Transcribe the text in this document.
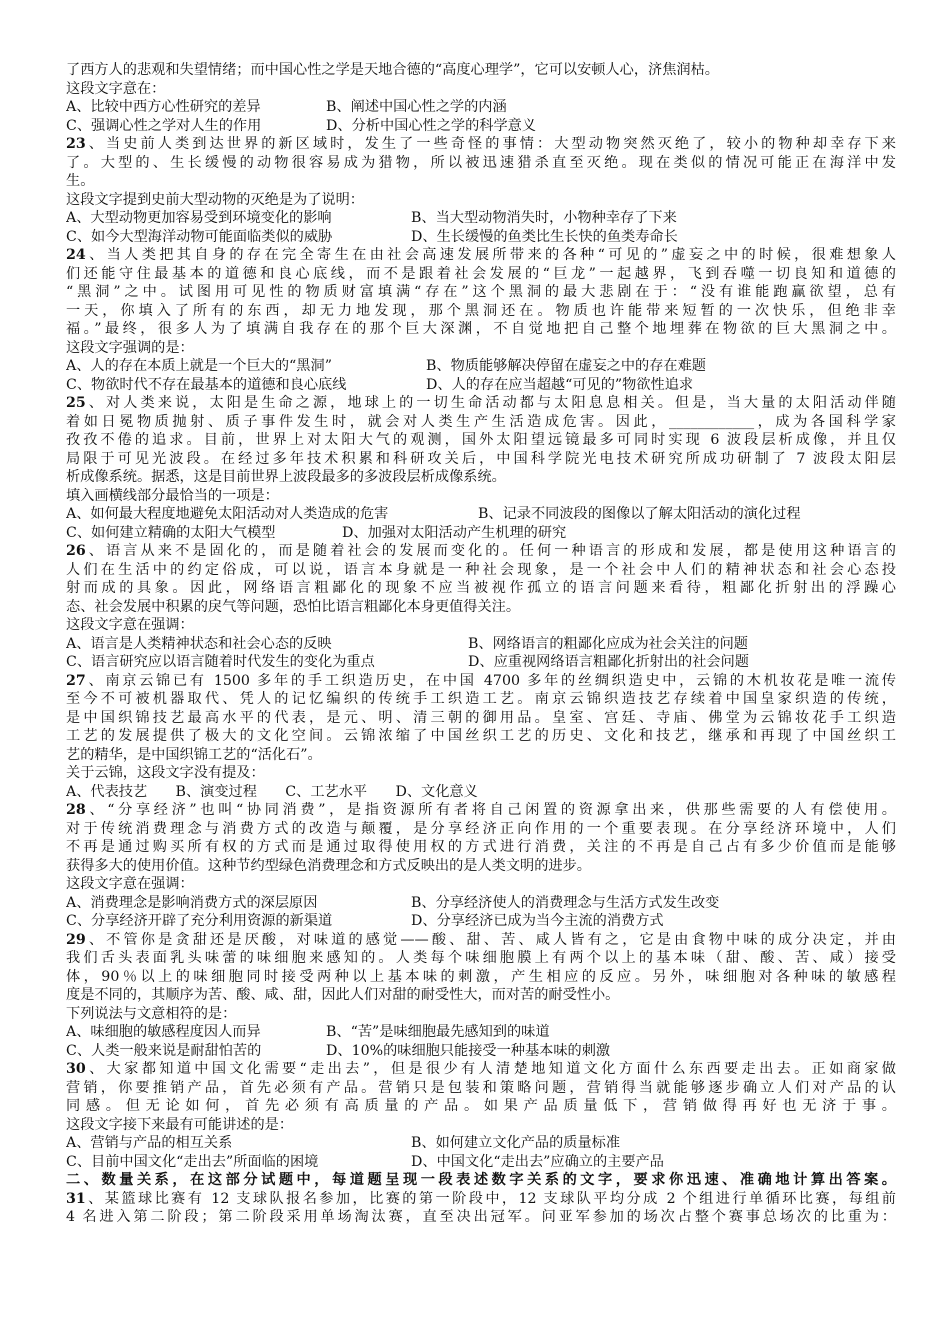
了西方人的悲观和失望情绪；而中国心性之学是天地合德的“高度心理学”，它可以安顿人心，济焦润枯。
这段文字意在：
A、比较中西方心性研究的差异	B、阐述中国心性之学的内涵
C、强调心性之学对人生的作用	D、分析中国心性之学的科学意义
23、当史前人类到达世界的新区域时，发生了一些奇怪的事情：大型动物突然灭绝了，较小的物种却幸存下来
了。大型的、生长缓慢的动物很容易成为猎物，所以被迅速猎杀直至灭绝。现在类似的情况可能正在海洋中发
生。
这段文字提到史前大型动物的灭绝是为了说明：
A、大型动物更加容易受到环境变化的影响	B、当大型动物消失时，小物种幸存了下来
C、如今大型海洋动物可能面临类似的威胁	D、生长缓慢的鱼类比生长快的鱼类寿命长
24、当人类把其自身的存在完全寄生在由社会高速发展所带来的各种“可见的”虚妄之中的时候，很难想象人
们还能守住最基本的道德和良心底线，而不是跟着社会发展的“巨龙”一起越界，飞到吞噬一切良知和道德的
“黑洞”之中。试图用可见性的物质财富填满“存在”这个黑洞的最大悲剧在于：“没有谁能跑赢欲望，总有
一天，你填入了所有的东西，却无力地发现，那个黑洞还在。物质也许能带来短暂的一次快乐，但绝非幸
福。”最终，很多人为了填满自我存在的那个巨大深渊，不自觉地把自己整个地埋葬在物欲的巨大黑洞之中。
这段文字强调的是：
A、人的存在本质上就是一个巨大的“黑洞”	B、物质能够解决停留在虚妄之中的存在难题
C、物欲时代不存在最基本的道德和良心底线	D、人的存在应当超越“可见的”物欲性追求
25、对人类来说，太阳是生命之源，地球上的一切生命活动都与太阳息息相关。但是，当大量的太阳活动伴随
着如日冕物质抛射、质子事件发生时，就会对人类生产生活造成危害。因此，____________，成为各国科学家
孜孜不倦的追求。目前，世界上对太阳大气的观测，国外太阳望远镜最多可同时实现 6 波段层析成像，并且仅
局限于可见光波段。在经过多年技术积累和科研攻关后，中国科学院光电技术研究所成功研制了 7 波段太阳层
析成像系统。据悉，这是目前世界上波段最多的多波段层析成像系统。
填入画横线部分最恰当的一项是：
A、如何最大程度地避免太阳活动对人类造成的危害	B、记录不同波段的图像以了解太阳活动的演化过程
C、如何建立精确的太阳大气模型	D、加强对太阳活动产生机理的研究
26、语言从来不是固化的，而是随着社会的发展而变化的。任何一种语言的形成和发展，都是使用这种语言的
人们在生活中的约定俗成，可以说，语言本身就是一种社会现象，是一个社会中人们的精神状态和社会心态投
射而成的具象。因此，网络语言粗鄙化的现象不应当被视作孤立的语言问题来看待，粗鄙化折射出的浮躁心
态、社会发展中积累的戾气等问题，恐怕比语言粗鄙化本身更值得关注。
这段文字意在强调：
A、语言是人类精神状态和社会心态的反映	B、网络语言的粗鄙化应成为社会关注的问题
C、语言研究应以语言随着时代发生的变化为重点	D、应重视网络语言粗鄙化折射出的社会问题
27、南京云锦已有 1500 多年的手工织造历史，在中国 4700 多年的丝绸织造史中，云锦的木机妆花是唯一流传
至今不可被机器取代、凭人的记忆编织的传统手工织造工艺。南京云锦织造技艺存续着中国皇家织造的传统，
是中国织锦技艺最高水平的代表，是元、明、清三朝的御用品。皇室、宫廷、寺庙、佛堂为云锦妆花手工织造
工艺的发展提供了极大的文化空间。云锦浓缩了中国丝织工艺的历史、文化和技艺，继承和再现了中国丝织工
艺的精华，是中国织锦工艺的“活化石”。
关于云锦，这段文字没有提及：
A、代表技艺　　B、演变过程　　C、工艺水平　　D、文化意义
28、“分享经济”也叫“协同消费”，是指资源所有者将自己闲置的资源拿出来，供那些需要的人有偿使用。
对于传统消费理念与消费方式的改造与颠覆，是分享经济正向作用的一个重要表现。在分享经济环境中，人们
不再是通过购买所有权的方式而是通过取得使用权的方式进行消费，关注的不再是自己占有多少价值而是能够
获得多大的使用价值。这种节约型绿色消费理念和方式反映出的是人类文明的进步。
这段文字意在强调：
A、消费理念是影响消费方式的深层原因	B、分享经济使人的消费理念与生活方式发生改变
C、分享经济开辟了充分利用资源的新渠道	D、分享经济已成为当今主流的消费方式
29、不管你是贪甜还是厌酸，对味道的感觉——酸、甜、苦、咸人皆有之，它是由食物中味的成分决定，并由
我们舌头表面乳头味蕾的味细胞来感知的。人类每个味细胞膜上有两个以上的基本味（甜、酸、苦、咸）接受
体，90％以上的味细胞同时接受两种以上基本味的刺激，产生相应的反应。另外，味细胞对各种味的敏感程
度是不同的，其顺序为苦、酸、咸、甜，因此人们对甜的耐受性大，而对苦的耐受性小。
下列说法与文意相符的是：
A、味细胞的敏感程度因人而异	B、“苦”是味细胞最先感知到的味道
C、人类一般来说是耐甜怕苦的	D、10%的味细胞只能接受一种基本味的刺激
30、大家都知道中国文化需要“走出去”，但是很少有人清楚地知道文化方面什么东西要走出去。正如商家做
营销，你要推销产品，首先必须有产品。营销只是包装和策略问题，营销得当就能够逐步确立人们对产品的认
同感。但无论如何，首先必须有高质量的产品。如果产品质量低下，营销做得再好也无济于事。
这段文字接下来最有可能讲述的是：
A、营销与产品的相互关系	B、如何建立文化产品的质量标准
C、目前中国文化“走出去”所面临的困境	D、中国文化“走出去”应确立的主要产品
二、数量关系，在这部分试题中，每道题呈现一段表述数字关系的文字，要求你迅速、准确地计算出答案。
31、某篮球比赛有 12 支球队报名参加，比赛的第一阶段中，12 支球队平均分成 2 个组进行单循环比赛，每组前
4 名进入第二阶段；第二阶段采用单场淘汰赛，直至决出冠军。问亚军参加的场次占整个赛事总场次的比重为：
